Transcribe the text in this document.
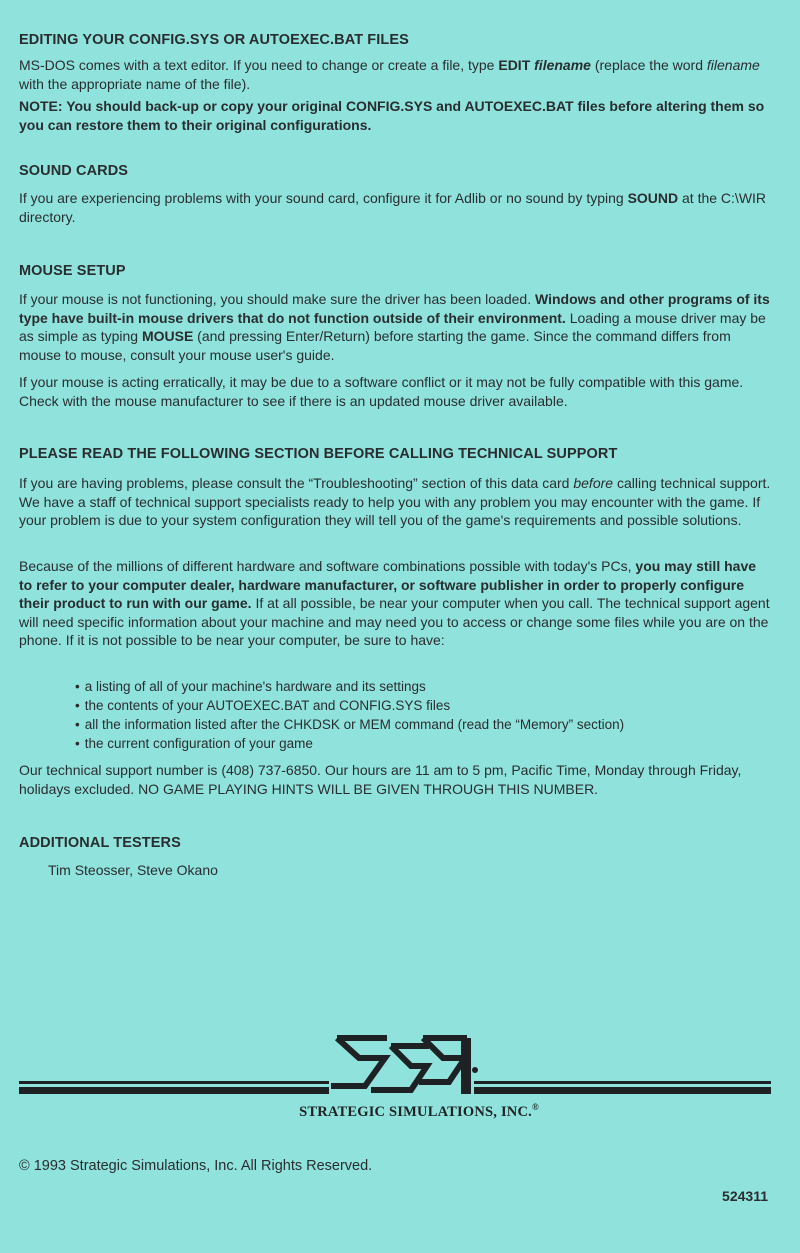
EDITING YOUR CONFIG.SYS OR AUTOEXEC.BAT FILES

MS-DOS comes with a text editor. If you need to change or create a file, type EDIT filename (replace the word filename with the appropriate name of the file).

NOTE: You should back-up or copy your original CONFIG.SYS and AUTOEXEC.BAT files before altering them so you can restore them to their original configurations.

SOUND CARDS

If you are experiencing problems with your sound card, configure it for Adlib or no sound by typing SOUND at the C:\WIR directory.

MOUSE SETUP

If your mouse is not functioning, you should make sure the driver has been loaded. Windows and other programs of its type have built-in mouse drivers that do not function outside of their environment. Loading a mouse driver may be as simple as typing MOUSE (and pressing Enter/Return) before starting the game. Since the command differs from mouse to mouse, consult your mouse user's guide.

If your mouse is acting erratically, it may be due to a software conflict or it may not be fully compatible with this game. Check with the mouse manufacturer to see if there is an updated mouse driver available.

PLEASE READ THE FOLLOWING SECTION BEFORE CALLING TECHNICAL SUPPORT

If you are having problems, please consult the “Troubleshooting” section of this data card before calling technical support. We have a staff of technical support specialists ready to help you with any problem you may encounter with the game. If your problem is due to your system configuration they will tell you of the game's requirements and possible solutions.

Because of the millions of different hardware and software combinations possible with today's PCs, you may still have to refer to your computer dealer, hardware manufacturer, or software publisher in order to properly configure their product to run with our game. If at all possible, be near your computer when you call. The technical support agent will need specific information about your machine and may need you to access or change some files while you are on the phone. If it is not possible to be near your computer, be sure to have:

• a listing of all of your machine's hardware and its settings
• the contents of your AUTOEXEC.BAT and CONFIG.SYS files
• all the information listed after the CHKDSK or MEM command (read the “Memory” section)
• the current configuration of your game

Our technical support number is (408) 737-6850. Our hours are 11 am to 5 pm, Pacific Time, Monday through Friday, holidays excluded. NO GAME PLAYING HINTS WILL BE GIVEN THROUGH THIS NUMBER.

ADDITIONAL TESTERS

Tim Steosser, Steve Okano

STRATEGIC SIMULATIONS, INC.®
© 1993 Strategic Simulations, Inc. All Rights Reserved.
524311
